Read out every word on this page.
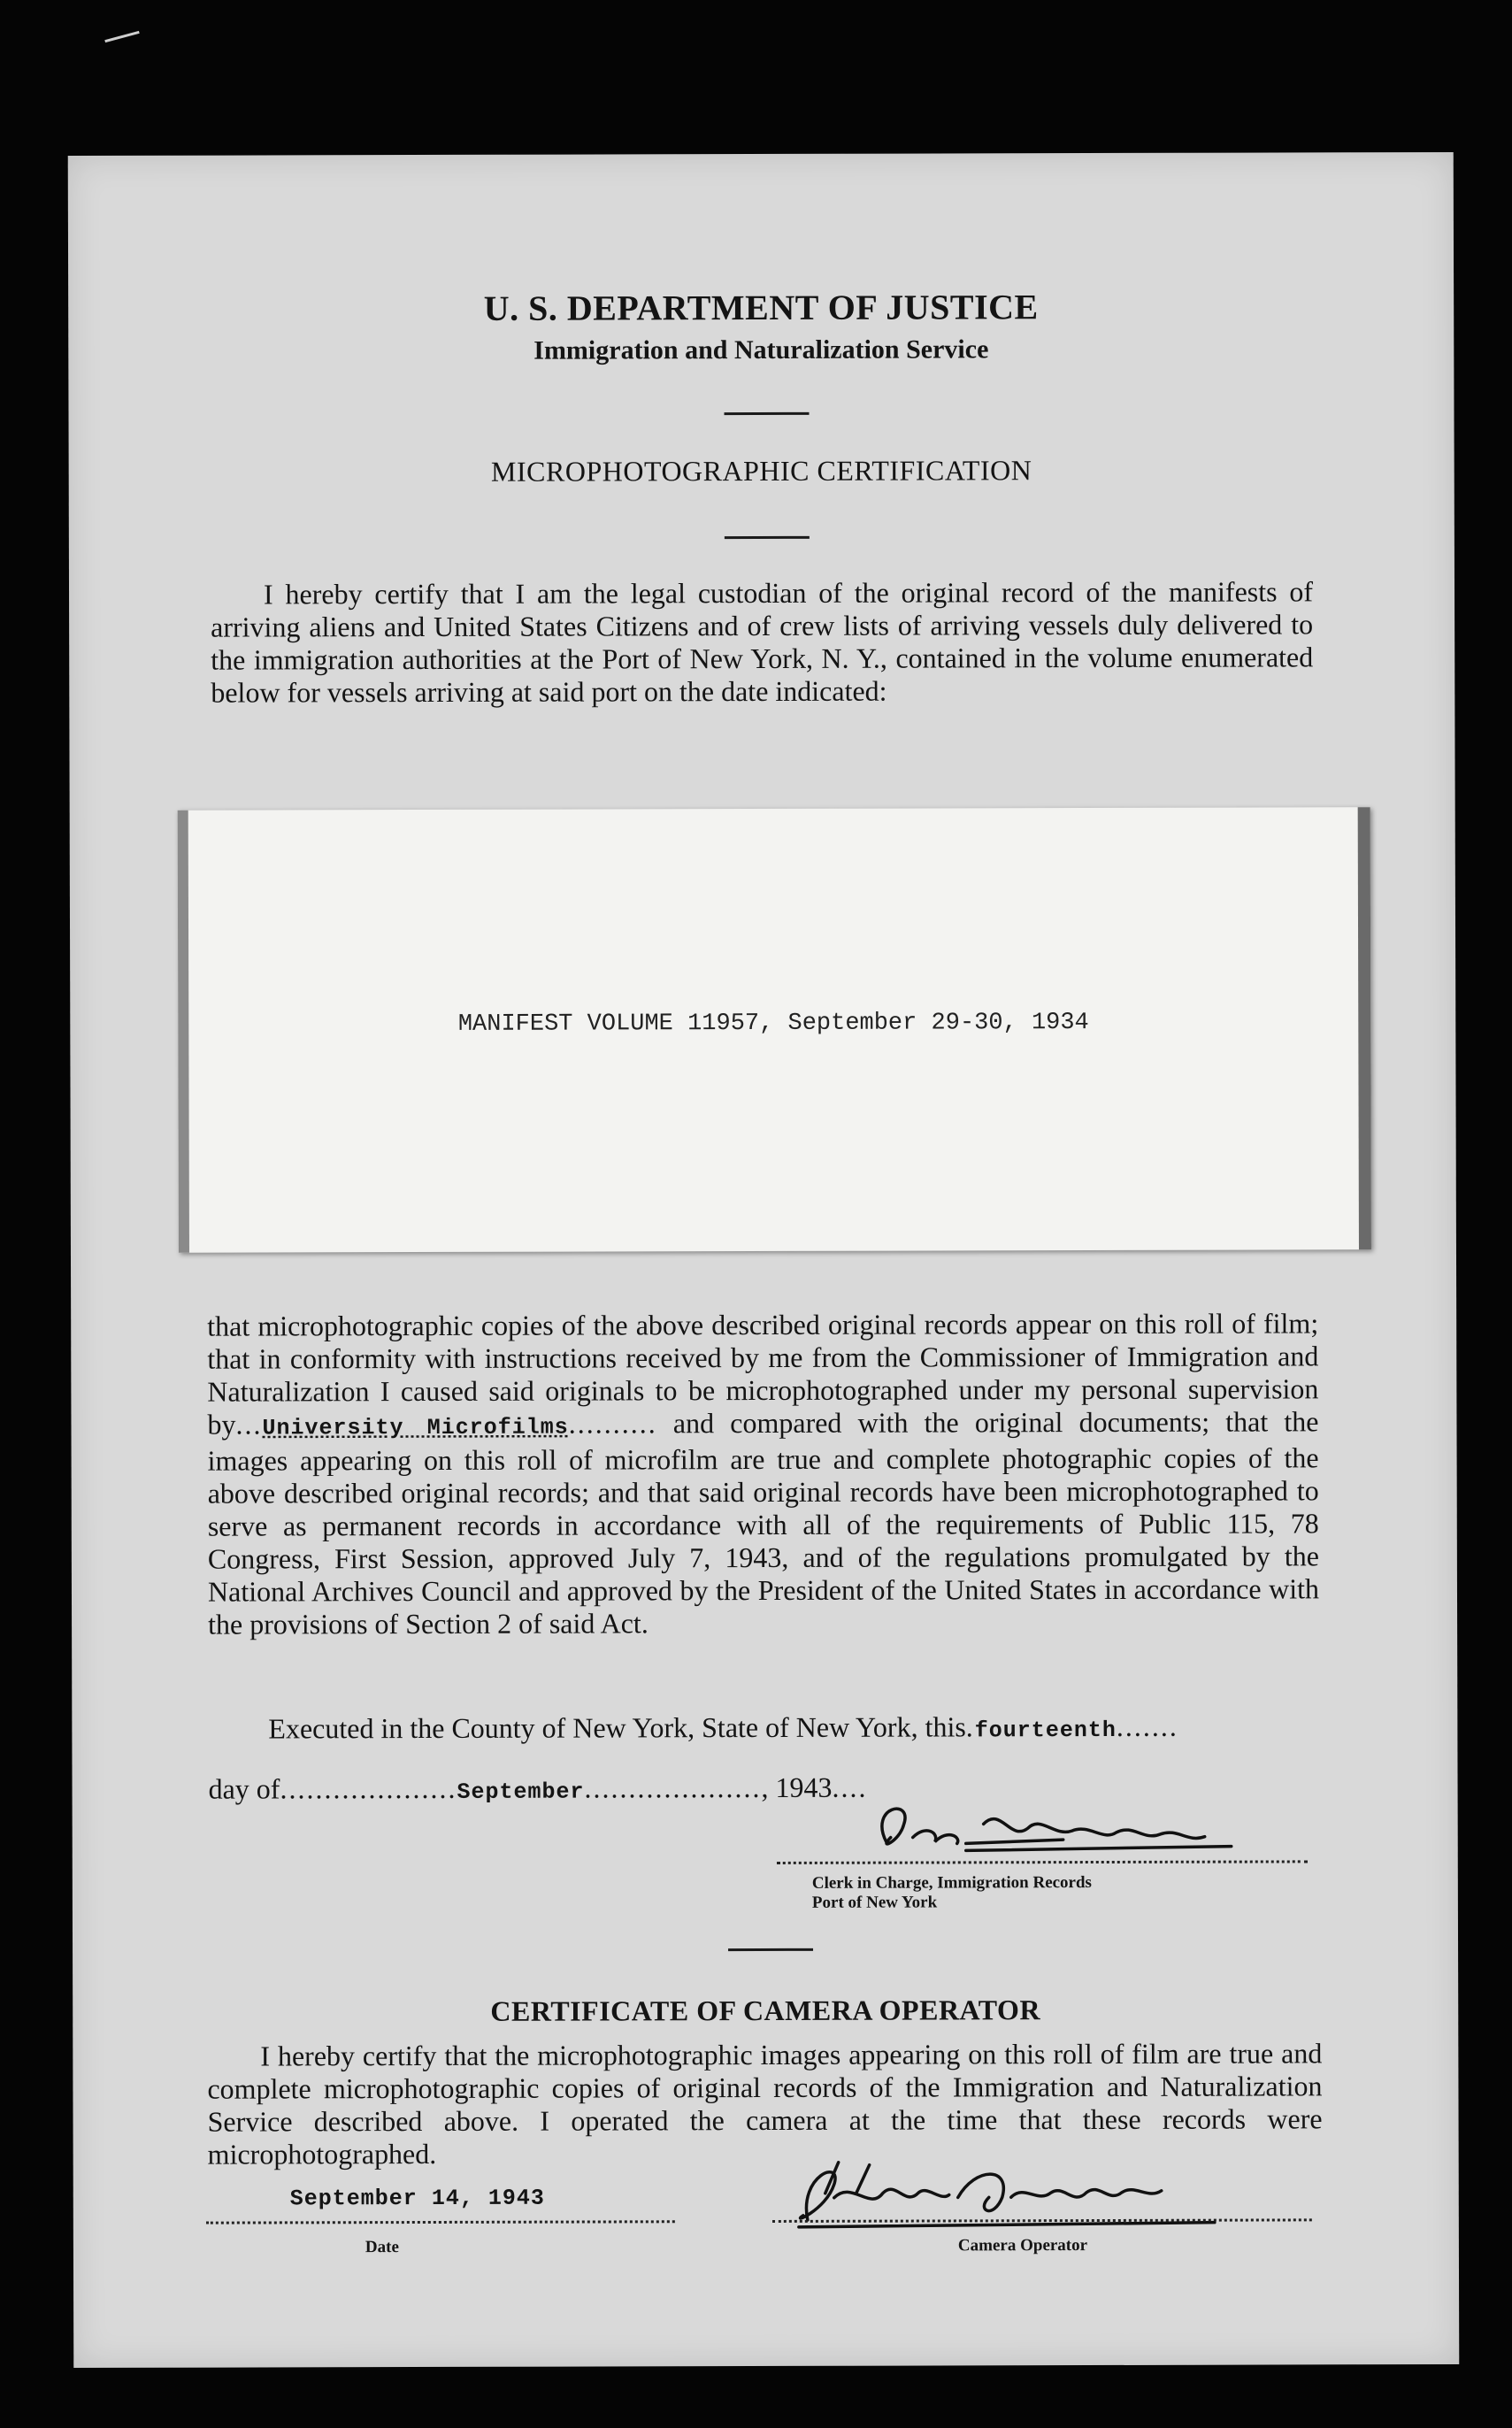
U. S. DEPARTMENT OF JUSTICE
Immigration and Naturalization Service
MICROPHOTOGRAPHIC CERTIFICATION
I hereby certify that I am the legal custodian of the original record of the manifests of arriving aliens and United States Citizens and of crew lists of arriving vessels duly delivered to the immigration authorities at the Port of New York, N. Y., contained in the volume enumerated below for vessels arriving at said port on the date indicated:
MANIFEST VOLUME 11957, September 29-30, 1934
that microphotographic copies of the above described original records appear on this roll of film; that in conformity with instructions received by me from the Commissioner of Immigration and Naturalization I caused said originals to be microphotographed under my personal supervision by...University Microfilms.......... and compared with the original documents; that the images appearing on this roll of microfilm are true and complete photographic copies of the above described original records; and that said original records have been microphotographed to serve as permanent records in accordance with all of the requirements of Public 115, 78 Congress, First Session, approved July 7, 1943, and of the regulations promulgated by the National Archives Council and approved by the President of the United States in accordance with the provisions of Section 2 of said Act.
Executed in the County of New York, State of New York, this.fourteenth.......
day of....................September...................., 1943....
Clerk in Charge, Immigration Records
Port of New York
CERTIFICATE OF CAMERA OPERATOR
I hereby certify that the microphotographic images appearing on this roll of film are true and complete microphotographic copies of original records of the Immigration and Naturalization Service described above. I operated the camera at the time that these records were microphotographed.
September 14, 1943
Date	Camera Operator
